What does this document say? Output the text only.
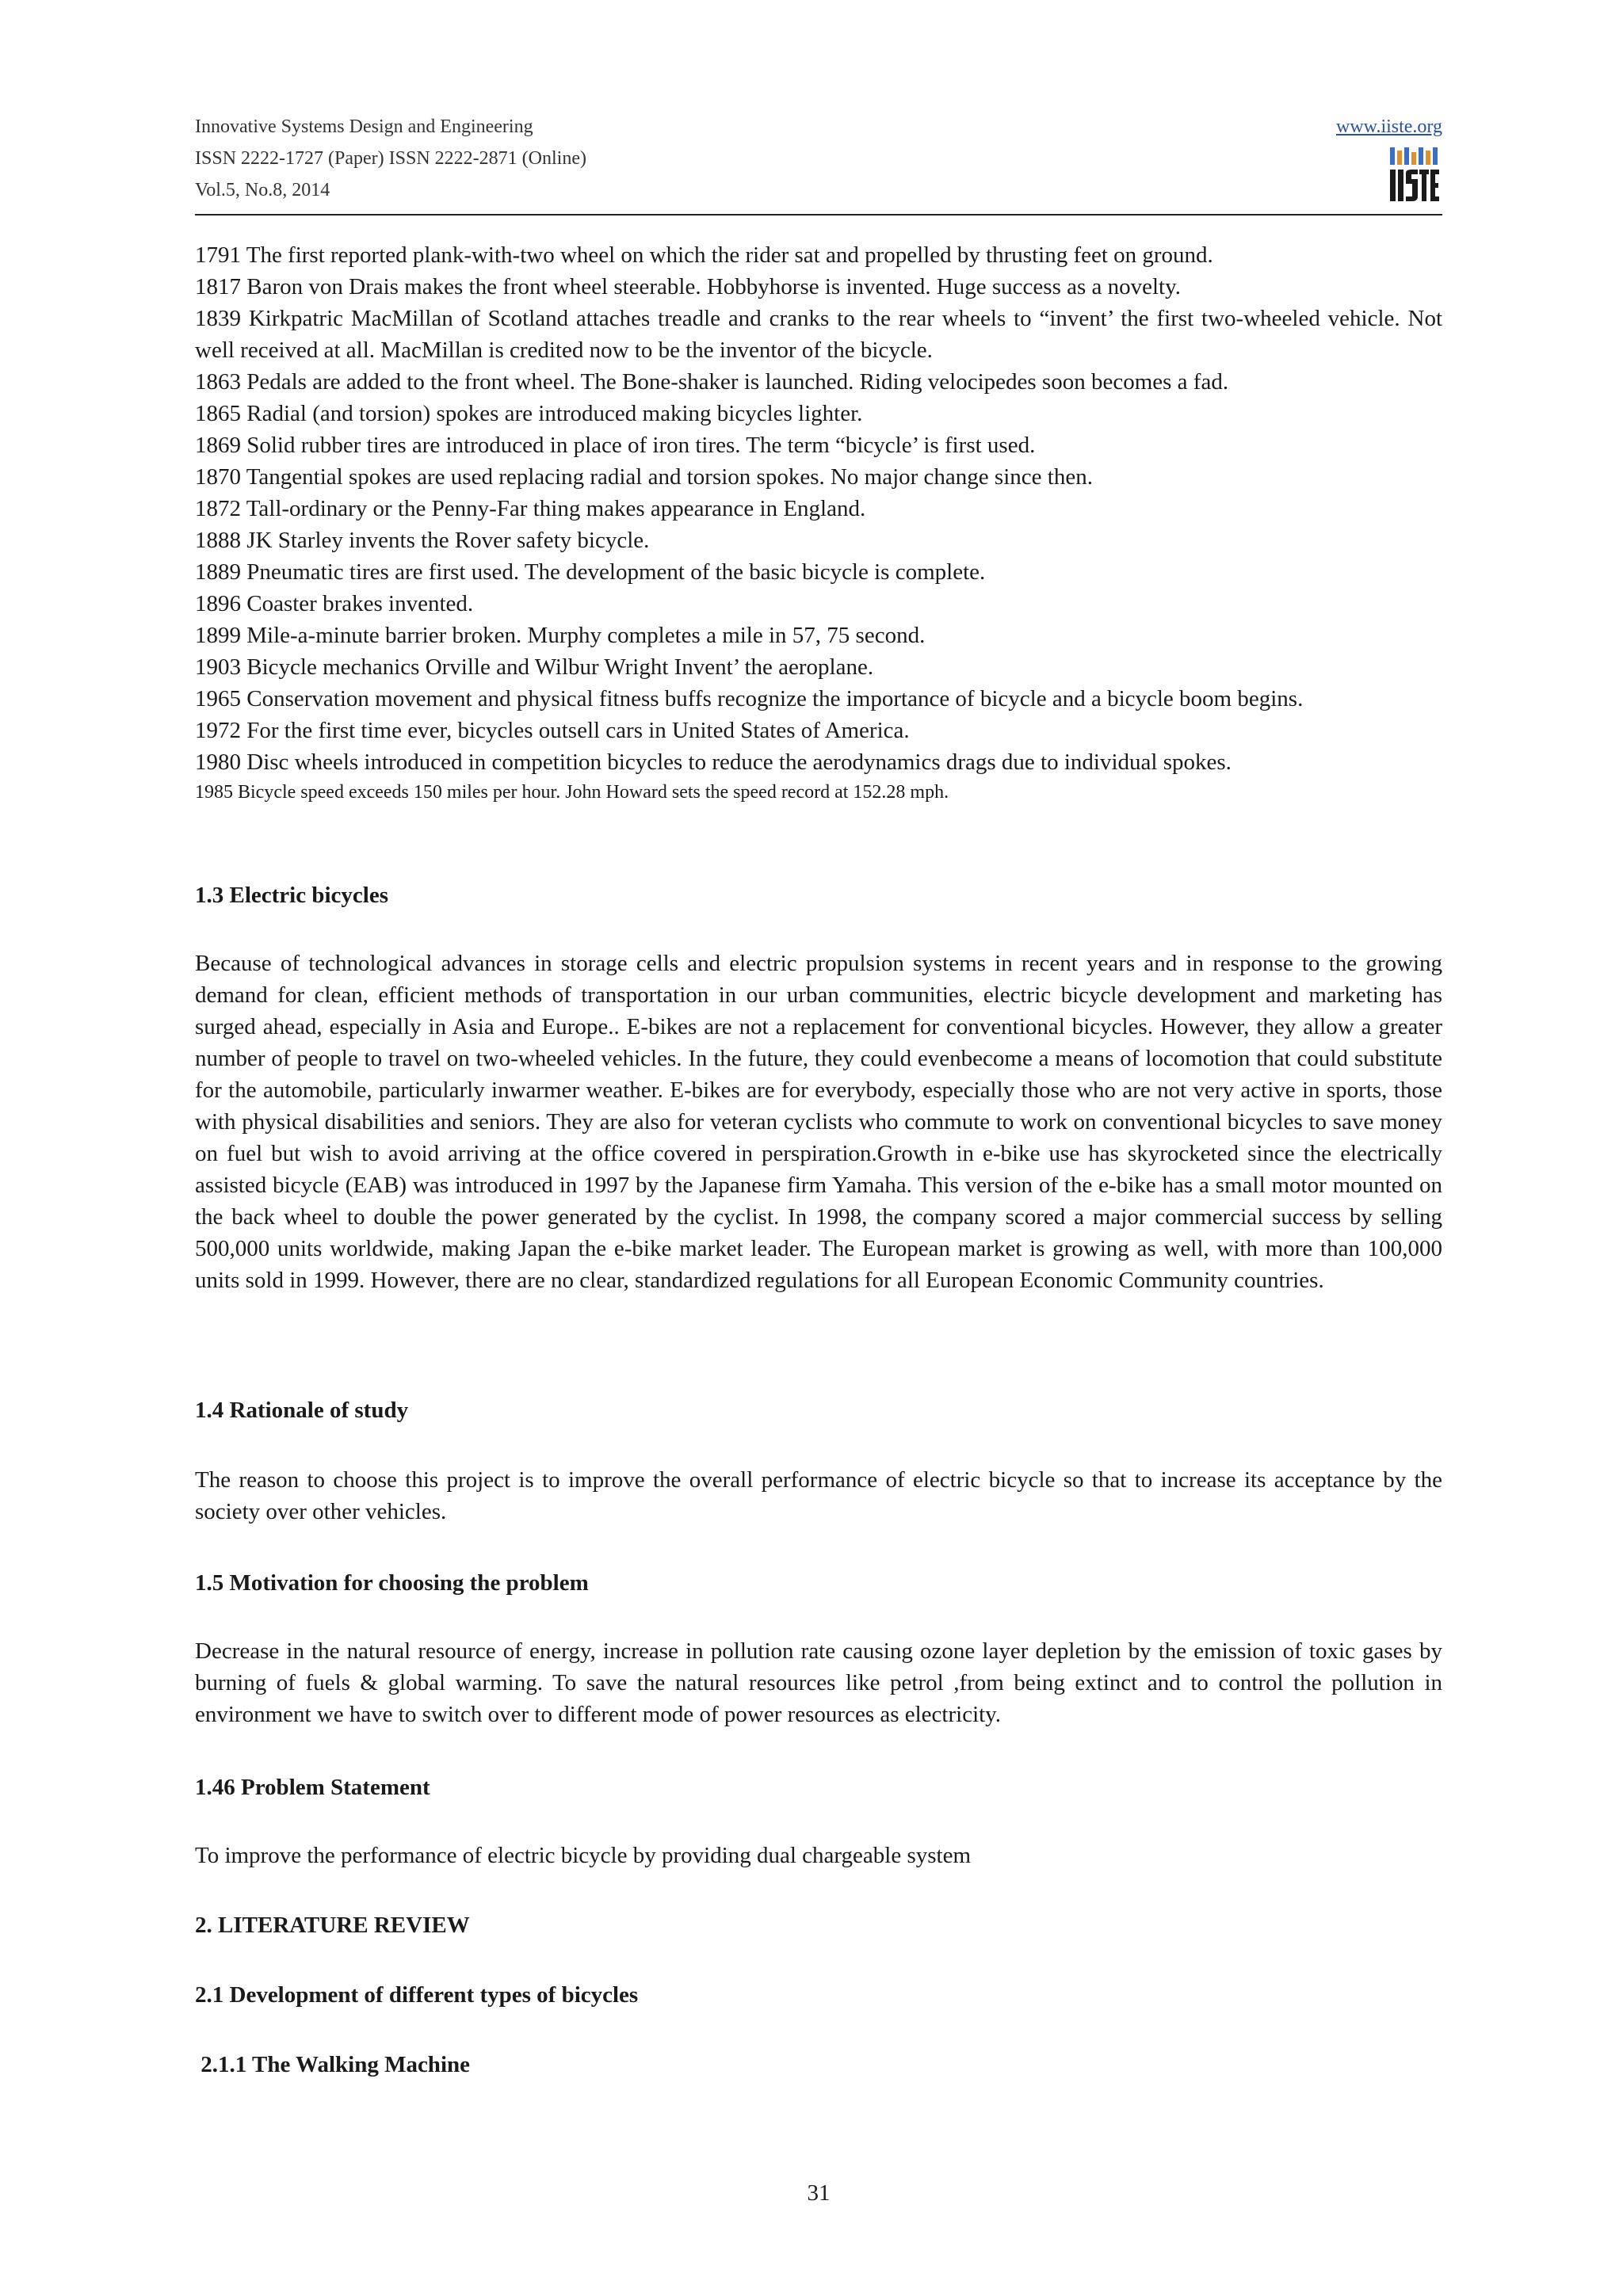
Innovative Systems Design and Engineering
ISSN 2222-1727 (Paper) ISSN 2222-2871 (Online)
Vol.5, No.8, 2014
www.iiste.org
1791 The first reported plank-with-two wheel on which the rider sat and propelled by thrusting feet on ground.
1817 Baron von Drais makes the front wheel steerable. Hobbyhorse is invented. Huge success as a novelty.
1839 Kirkpatric MacMillan of Scotland attaches treadle and cranks to the rear wheels to “invent’ the first two-wheeled vehicle. Not well received at all. MacMillan is credited now to be the inventor of the bicycle.
1863 Pedals are added to the front wheel. The Bone-shaker is launched. Riding velocipedes soon becomes a fad.
1865 Radial (and torsion) spokes are introduced making bicycles lighter.
1869 Solid rubber tires are introduced in place of iron tires. The term “bicycle’ is first used.
1870 Tangential spokes are used replacing radial and torsion spokes. No major change since then.
1872 Tall-ordinary or the Penny-Far thing makes appearance in England.
1888 JK Starley invents the Rover safety bicycle.
1889 Pneumatic tires are first used. The development of the basic bicycle is complete.
1896 Coaster brakes invented.
1899 Mile-a-minute barrier broken. Murphy completes a mile in 57, 75 second.
1903 Bicycle mechanics Orville and Wilbur Wright Invent’ the aeroplane.
1965 Conservation movement and physical fitness buffs recognize the importance of bicycle and a bicycle boom begins.
1972 For the first time ever, bicycles outsell cars in United States of America.
1980 Disc wheels introduced in competition bicycles to reduce the aerodynamics drags due to individual spokes.
1985 Bicycle speed exceeds 150 miles per hour. John Howard sets the speed record at 152.28 mph.
1.3 Electric bicycles
Because of technological advances in storage cells and electric propulsion systems in recent years and in response to the growing demand for clean, efficient methods of transportation in our urban communities, electric bicycle development and marketing has surged ahead, especially in Asia and Europe.. E-bikes are not a replacement for conventional bicycles. However, they allow a greater number of people to travel on two-wheeled vehicles. In the future, they could evenbecome a means of locomotion that could substitute for the automobile, particularly inwarmer weather. E-bikes are for everybody, especially those who are not very active in sports, those with physical disabilities and seniors. They are also for veteran cyclists who commute to work on conventional bicycles to save money on fuel but wish to avoid arriving at the office covered in perspiration.Growth in e-bike use has skyrocketed since the electrically assisted bicycle (EAB) was introduced in 1997 by the Japanese firm Yamaha. This version of the e-bike has a small motor mounted on the back wheel to double the power generated by the cyclist. In 1998, the company scored a major commercial success by selling 500,000 units worldwide, making Japan the e-bike market leader. The European market is growing as well, with more than 100,000 units sold in 1999. However, there are no clear, standardized regulations for all European Economic Community countries.
1.4 Rationale of study
The reason to choose this project is to improve the overall performance of electric bicycle so that to increase its acceptance by the society over other vehicles.
1.5 Motivation for choosing the problem
Decrease in the natural resource of energy, increase in pollution rate causing ozone layer depletion by the emission of toxic gases by burning of fuels & global warming. To save the natural resources like petrol ,from being extinct and to control the pollution in environment we have to switch over to different mode of power resources as electricity.
1.46 Problem Statement
To improve the performance of electric bicycle by providing dual chargeable system
2. LITERATURE REVIEW
2.1 Development of different types of bicycles
2.1.1 The Walking Machine
31
